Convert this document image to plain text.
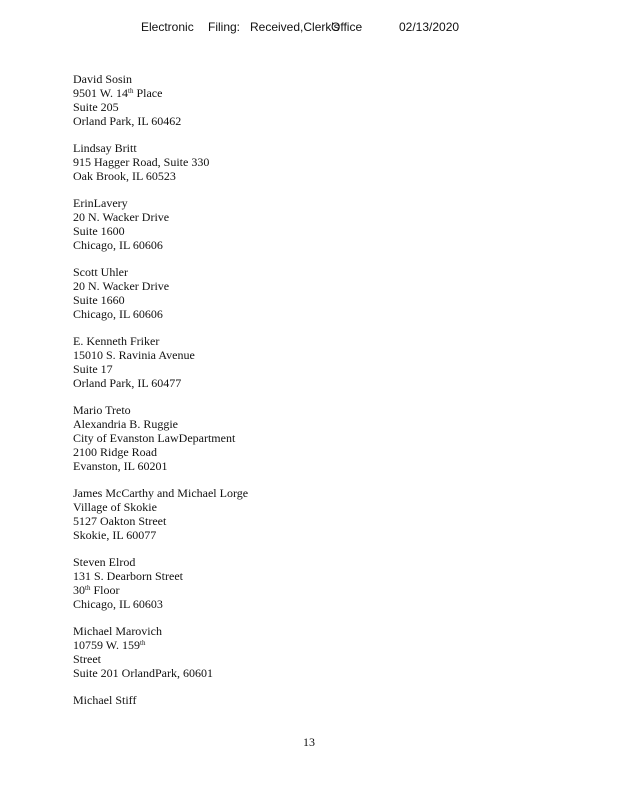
Electronic Filing: Received,Clerk's
Office	02/13/2020
David Sosin
9501 W. 14th Place
Suite 205
Orland Park, IL 60462
Lindsay Britt
915 Hagger Road, Suite 330
Oak Brook, IL 60523
ErinLavery
20 N. Wacker Drive
Suite 1600
Chicago, IL 60606
Scott Uhler
20 N. Wacker Drive
Suite 1660
Chicago, IL 60606
E. Kenneth Friker
15010 S. Ravinia Avenue
Suite 17
Orland Park, IL 60477
Mario Treto
Alexandria B. Ruggie
City of Evanston LawDepartment
2100 Ridge Road
Evanston, IL 60201
James McCarthy and Michael Lorge
Village of Skokie
5127 Oakton Street
Skokie, IL 60077
Steven Elrod
131 S. Dearborn Street
30th Floor
Chicago, IL 60603
Michael Marovich
10759 W. 159th
Street
Suite 201 OrlandPark, 60601
Michael Stiff
13
